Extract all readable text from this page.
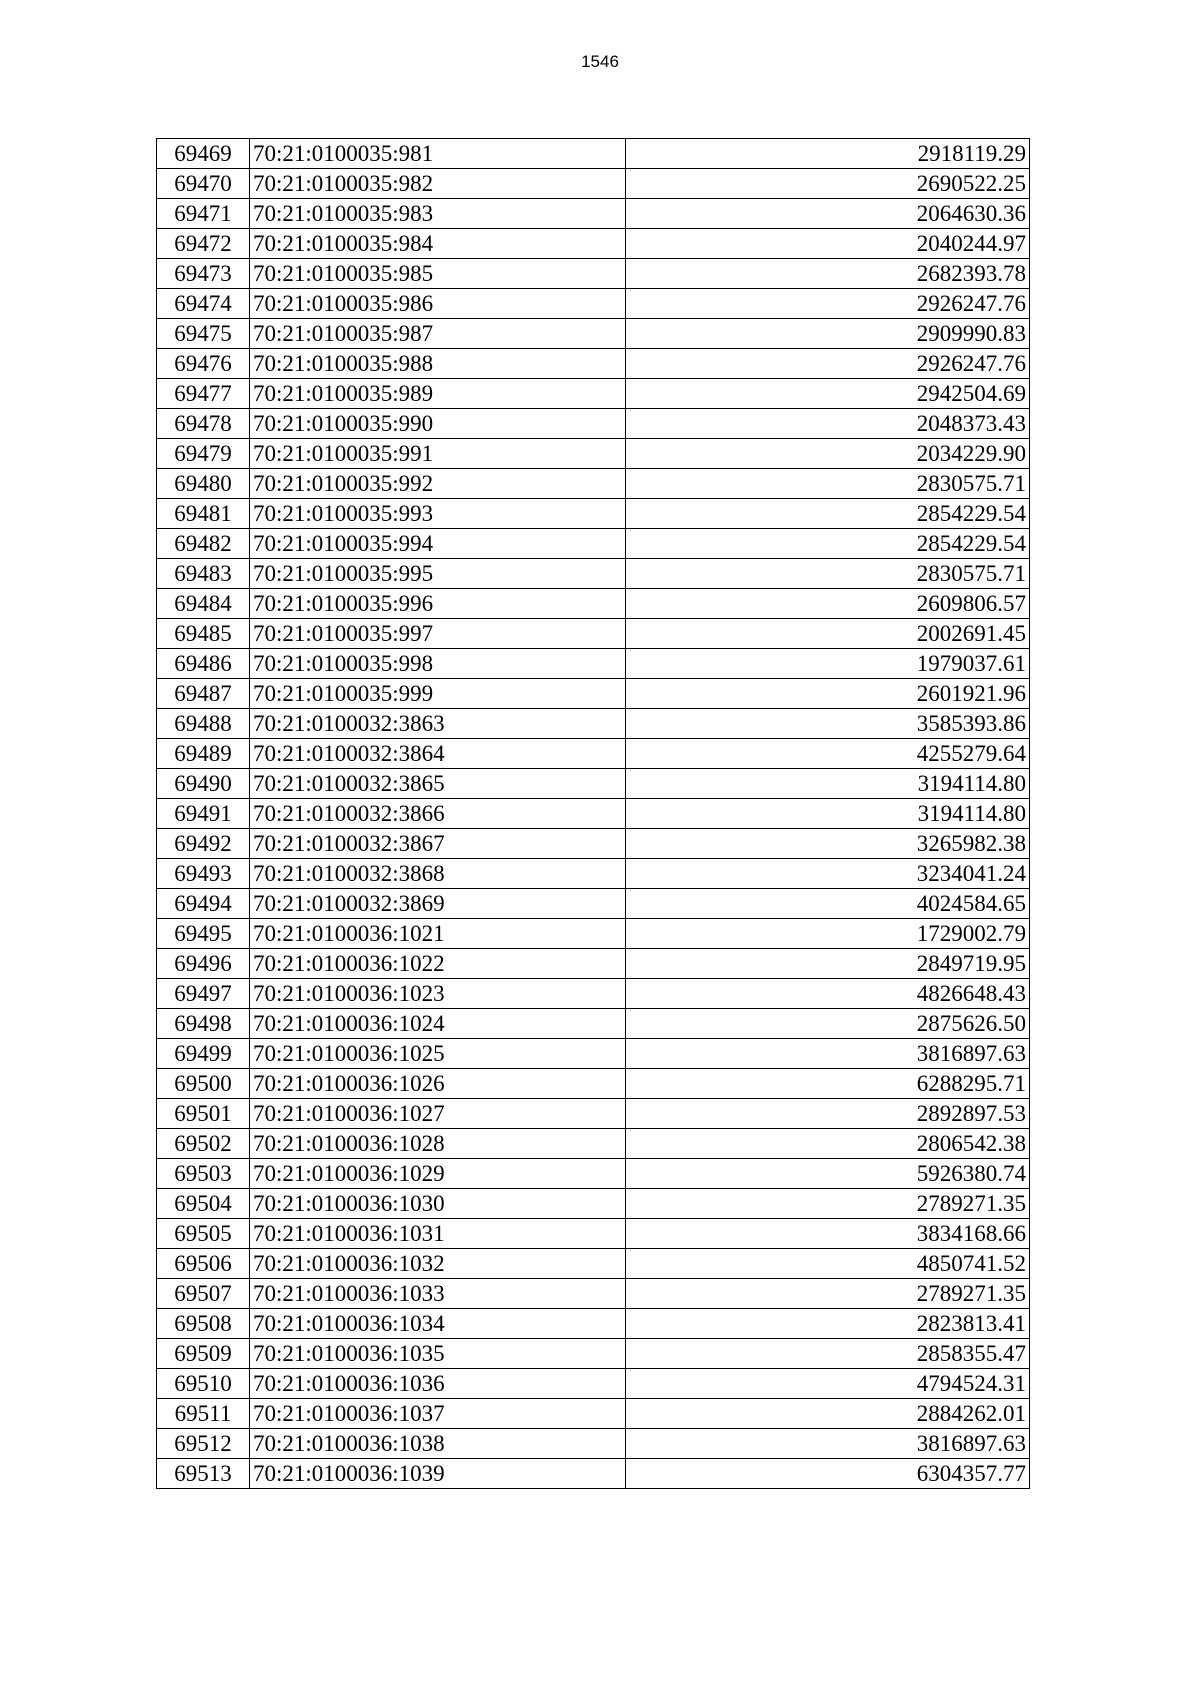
1546
69469	70:21:0100035:981	2918119.29
69470	70:21:0100035:982	2690522.25
69471	70:21:0100035:983	2064630.36
69472	70:21:0100035:984	2040244.97
69473	70:21:0100035:985	2682393.78
69474	70:21:0100035:986	2926247.76
69475	70:21:0100035:987	2909990.83
69476	70:21:0100035:988	2926247.76
69477	70:21:0100035:989	2942504.69
69478	70:21:0100035:990	2048373.43
69479	70:21:0100035:991	2034229.90
69480	70:21:0100035:992	2830575.71
69481	70:21:0100035:993	2854229.54
69482	70:21:0100035:994	2854229.54
69483	70:21:0100035:995	2830575.71
69484	70:21:0100035:996	2609806.57
69485	70:21:0100035:997	2002691.45
69486	70:21:0100035:998	1979037.61
69487	70:21:0100035:999	2601921.96
69488	70:21:0100032:3863	3585393.86
69489	70:21:0100032:3864	4255279.64
69490	70:21:0100032:3865	3194114.80
69491	70:21:0100032:3866	3194114.80
69492	70:21:0100032:3867	3265982.38
69493	70:21:0100032:3868	3234041.24
69494	70:21:0100032:3869	4024584.65
69495	70:21:0100036:1021	1729002.79
69496	70:21:0100036:1022	2849719.95
69497	70:21:0100036:1023	4826648.43
69498	70:21:0100036:1024	2875626.50
69499	70:21:0100036:1025	3816897.63
69500	70:21:0100036:1026	6288295.71
69501	70:21:0100036:1027	2892897.53
69502	70:21:0100036:1028	2806542.38
69503	70:21:0100036:1029	5926380.74
69504	70:21:0100036:1030	2789271.35
69505	70:21:0100036:1031	3834168.66
69506	70:21:0100036:1032	4850741.52
69507	70:21:0100036:1033	2789271.35
69508	70:21:0100036:1034	2823813.41
69509	70:21:0100036:1035	2858355.47
69510	70:21:0100036:1036	4794524.31
69511	70:21:0100036:1037	2884262.01
69512	70:21:0100036:1038	3816897.63
69513	70:21:0100036:1039	6304357.77
